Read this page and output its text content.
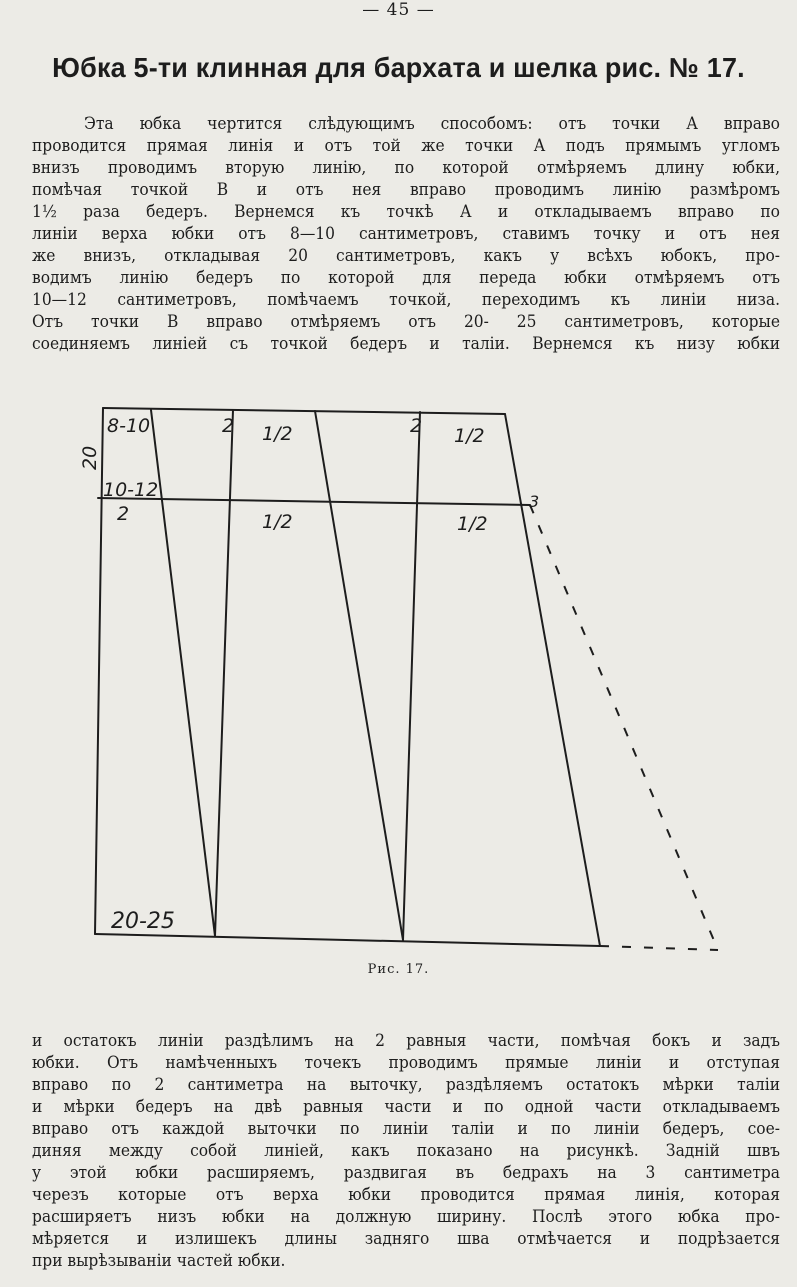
— 45 —
Юбка 5-ти клинная для бархата и шелка рис. № 17.
Эта юбка чертится слѣдующимъ способомъ: отъ точки А вправо
проводится прямая линія и отъ той же точки А подъ прямымъ угломъ
внизъ проводимъ вторую линію, по которой отмѣряемъ длину юбки,
помѣчая точкой В и отъ нея вправо проводимъ линію размѣромъ
1½ раза бедеръ. Вернемся къ точкѣ А и откладываемъ вправо по
линіи верха юбки отъ 8—10 сантиметровъ, ставимъ точку и отъ нея
же внизъ, откладывая 20 сантиметровъ, какъ у всѣхъ юбокъ, про-
водимъ линію бедеръ по которой для переда юбки отмѣряемъ отъ
10—12 сантиметровъ, помѣчаемъ точкой, переходимъ къ линіи низа.
Отъ точки В вправо отмѣряемъ отъ 20- 25 сантиметровъ, которые
соединяемъ линіей съ точкой бедеръ и таліи. Вернемся къ низу юбки
8-10
20
10-12
2 1/2	2 1/2
2	1/2	1/2
3
20-25
Рис. 17.
и остатокъ линіи раздѣлимъ на 2 равныя части, помѣчая бокъ и задъ
юбки. Отъ намѣченныхъ точекъ проводимъ прямые линіи и отступая
вправо по 2 сантиметра на выточку, раздѣляемъ остатокъ мѣрки таліи
и мѣрки бедеръ на двѣ равныя части и по одной части откладываемъ
вправо отъ каждой выточки по линіи таліи и по линіи бедеръ, сое-
диняя между собой линіей, какъ показано на рисункѣ. Задній швъ
у этой юбки расширяемъ, раздвигая въ бедрахъ на 3 сантиметра
черезъ которые отъ верха юбки проводится прямая линія, которая
расширяетъ низъ юбки на должную ширину. Послѣ этого юбка про-
мѣряется и излишекъ длины задняго шва отмѣчается и подрѣзается
при вырѣзываніи частей юбки.
